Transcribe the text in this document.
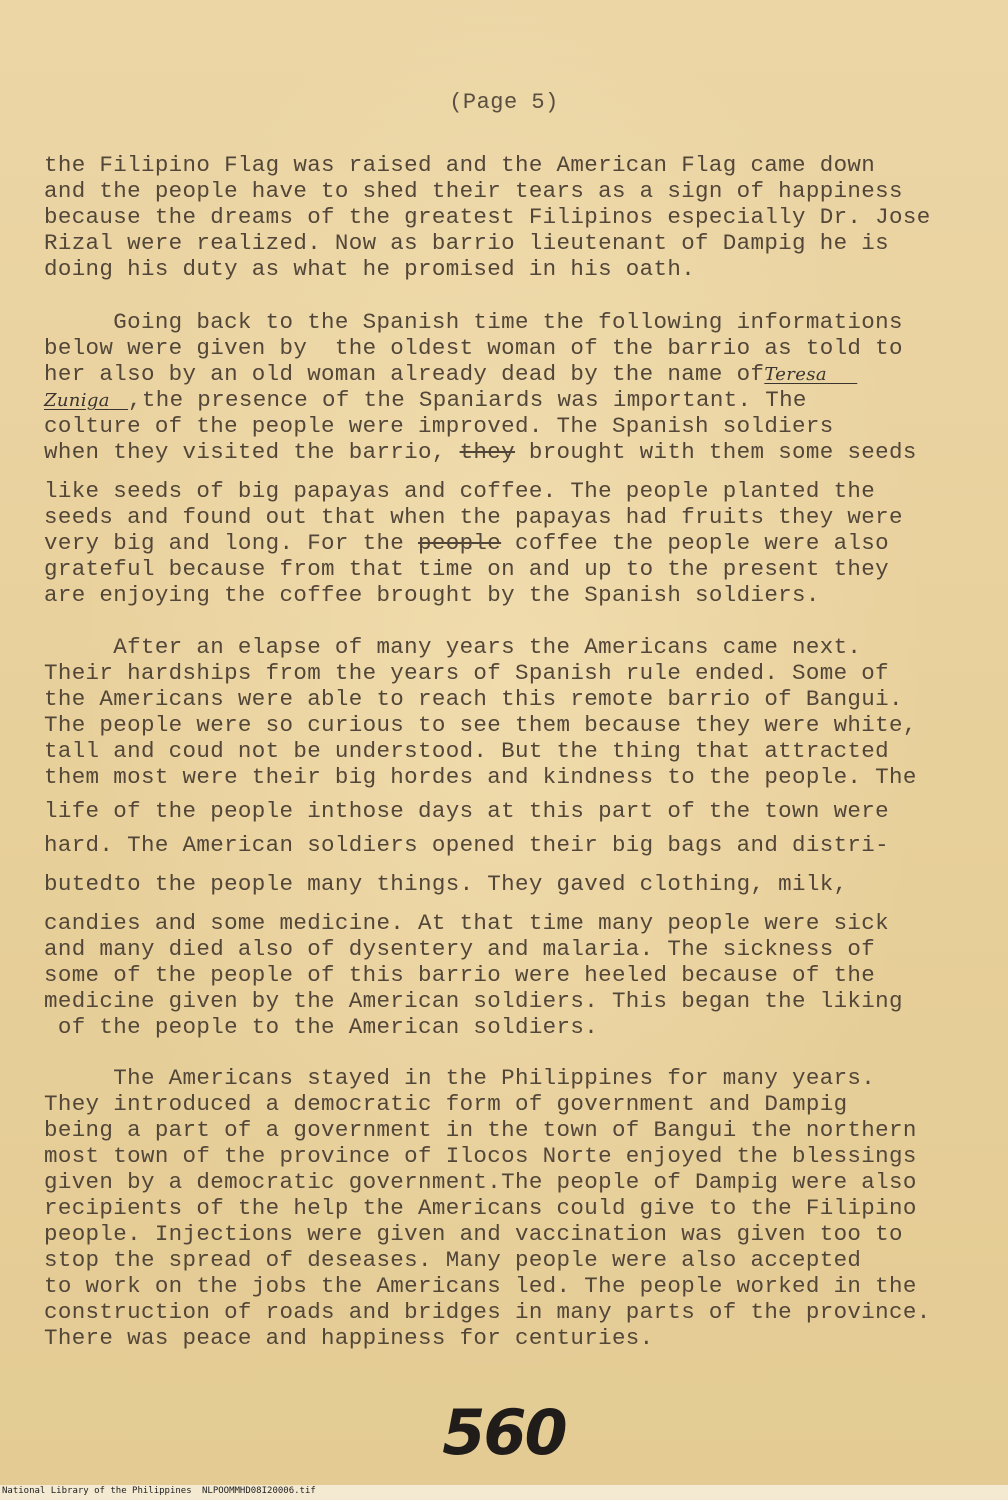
(Page 5)
the Filipino Flag was raised and the American Flag came down
and the people have to shed their tears as a sign of happiness
because the dreams of the greatest Filipinos especially Dr. Jose
Rizal were realized. Now as barrio lieutenant of Dampig he is
doing his duty as what he promised in his oath.
Going back to the Spanish time the following informations
below were given by  the oldest woman of the barrio as told to
her also by an old woman already dead by the name ofTeresa
Zuniga ,the presence of the Spaniards was important. The
colture of the people were improved. The Spanish soldiers
when they visited the barrio, they brought with them some seeds
like seeds of big papayas and coffee. The people planted the
seeds and found out that when the papayas had fruits they were
very big and long. For the people coffee the people were also
grateful because from that time on and up to the present they
are enjoying the coffee brought by the Spanish soldiers.
After an elapse of many years the Americans came next.
Their hardships from the years of Spanish rule ended. Some of
the Americans were able to reach this remote barrio of Bangui.
The people were so curious to see them because they were white,
tall and coud not be understood. But the thing that attracted
them most were their big hordes and kindness to the people. The
life of the people inthose days at this part of the town were
hard. The American soldiers opened their big bags and distri-
butedto the people many things. They gaved clothing, milk,
candies and some medicine. At that time many people were sick
and many died also of dysentery and malaria. The sickness of
some of the people of this barrio were heeled because of the
medicine given by the American soldiers. This began the liking
of the people to the American soldiers.
The Americans stayed in the Philippines for many years.
They introduced a democratic form of government and Dampig
being a part of a government in the town of Bangui the northern
most town of the province of Ilocos Norte enjoyed the blessings
given by a democratic government.The people of Dampig were also
recipients of the help the Americans could give to the Filipino
people. Injections were given and vaccination was given too to
stop the spread of deseases. Many people were also accepted
to work on the jobs the Americans led. The people worked in the
construction of roads and bridges in many parts of the province.
There was peace and happiness for centuries.
560
National Library of the Philippines NLPOOMMHD08I20006.tif
